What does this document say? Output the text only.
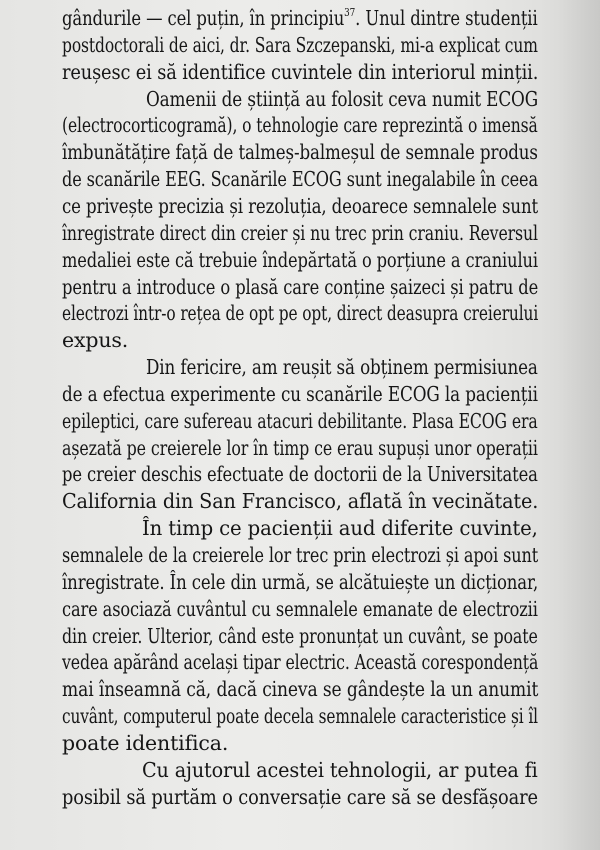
gândurile — cel puțin, în principiu$^{37}$. Unul dintre studenții

postdoctorali de aici, dr. Sara Szczepanski, mi-a explicat cum

reușesc ei să identifice cuvintele din interiorul minții.

Oamenii de știință au folosit ceva numit ECOG

(electrocorticogramă), o tehnologie care reprezintă o imensă

îmbunătățire față de talmeș-balmeșul de semnale produs

de scanările EEG. Scanările ECOG sunt inegalabile în ceea

ce privește precizia și rezoluția, deoarece semnalele sunt

înregistrate direct din creier și nu trec prin craniu. Reversul

medaliei este că trebuie îndepărtată o porțiune a craniului

pentru a introduce o plasă care conține șaizeci și patru de

electrozi într-o rețea de opt pe opt, direct deasupra creierului

expus.

Din fericire, am reușit să obținem permisiunea

de a efectua experimente cu scanările ECOG la pacienții

epileptici, care sufereau atacuri debilitante. Plasa ECOG era

așezată pe creierele lor în timp ce erau supuși unor operații

pe creier deschis efectuate de doctorii de la Universitatea

California din San Francisco, aflată în vecinătate.

În timp ce pacienții aud diferite cuvinte,

semnalele de la creierele lor trec prin electrozi și apoi sunt

înregistrate. În cele din urmă, se alcătuiește un dicționar,

care asociază cuvântul cu semnalele emanate de electrozii

din creier. Ulterior, când este pronunțat un cuvânt, se poate

vedea apărând același tipar electric. Această corespondență

mai înseamnă că, dacă cineva se gândește la un anumit

cuvânt, computerul poate decela semnalele caracteristice și îl

poate identifica.

Cu ajutorul acestei tehnologii, ar putea fi

posibil să purtăm o conversație care să se desfășoare
